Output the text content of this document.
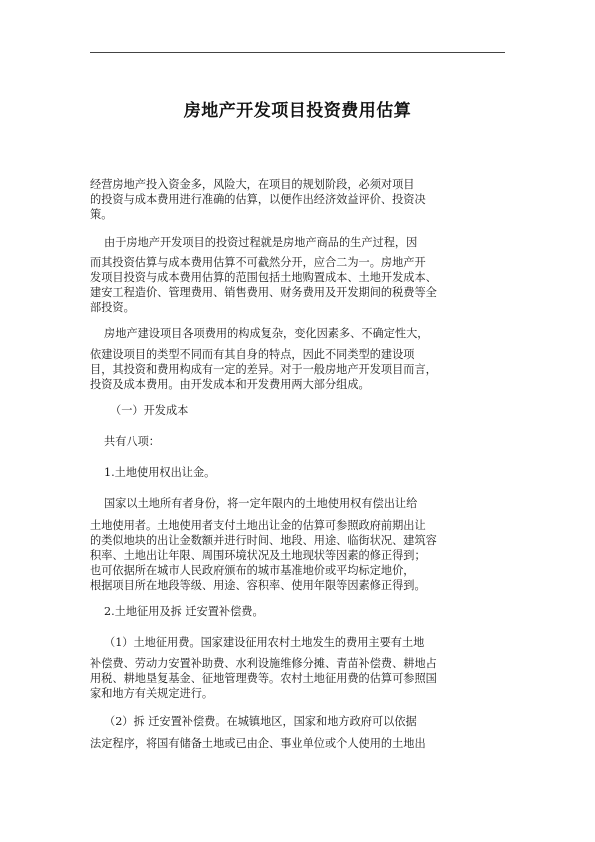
房地产开发项目投资费用估算
经营房地产投入资金多，风险大，在项目的规划阶段，必须对项目
的投资与成本费用进行准确的估算，以便作出经济效益评价、投资决
策。
由于房地产开发项目的投资过程就是房地产商品的生产过程，因
而其投资估算与成本费用估算不可截然分开，应合二为一。房地产开
发项目投资与成本费用估算的范围包括土地购置成本、土地开发成本、
建安工程造价、管理费用、销售费用、财务费用及开发期间的税费等全
部投资。
房地产建设项目各项费用的构成复杂，变化因素多、不确定性大，
依建设项目的类型不同而有其自身的特点，因此不同类型的建设项
目，其投资和费用构成有一定的差异。对于一般房地产开发项目而言，
投资及成本费用。由开发成本和开发费用两大部分组成。
（一）开发成本
共有八项：
1.土地使用权出让金。
国家以土地所有者身份，将一定年限内的土地使用权有偿出让给
土地使用者。土地使用者支付土地出让金的估算可参照政府前期出让
的类似地块的出让金数额并进行时间、地段、用途、临街状况、建筑容
积率、土地出让年限、周围环境状况及土地现状等因素的修正得到；
也可依据所在城市人民政府颁布的城市基准地价或平均标定地价，
根据项目所在地段等级、用途、容积率、使用年限等因素修正得到。
2.土地征用及拆 迁安置补偿费。
（1）土地征用费。国家建设征用农村土地发生的费用主要有土地
补偿费、劳动力安置补助费、水利设施维修分摊、青苗补偿费、耕地占
用税、耕地垦复基金、征地管理费等。农村土地征用费的估算可参照国
家和地方有关规定进行。
（2）拆 迁安置补偿费。在城镇地区，国家和地方政府可以依据
法定程序，将国有储备土地或已由企、事业单位或个人使用的土地出
